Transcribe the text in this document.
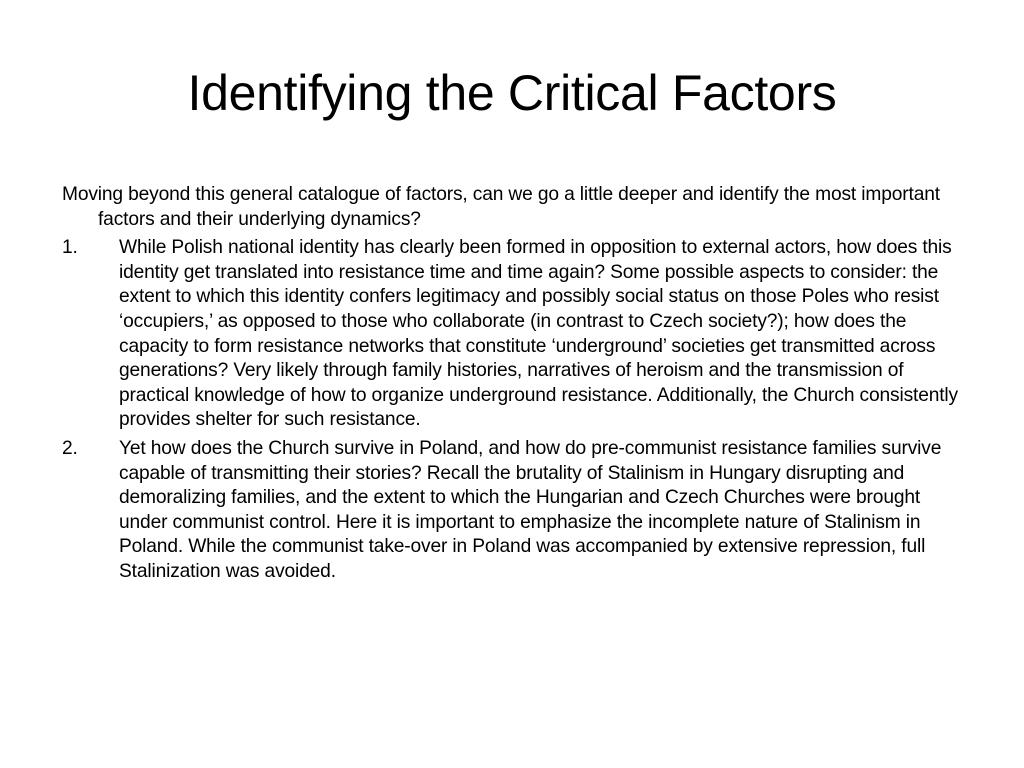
Identifying the Critical Factors

Moving beyond this general catalogue of factors, can we go a little deeper and identify the most important factors and their underlying dynamics?

1.	While Polish national identity has clearly been formed in opposition to external actors, how does this identity get translated into resistance time and time again? Some possible aspects to consider: the extent to which this identity confers legitimacy and possibly social status on those Poles who resist ‘occupiers,’ as opposed to those who collaborate (in contrast to Czech society?); how does the capacity to form resistance networks that constitute ‘underground’ societies get transmitted across generations? Very likely through family histories, narratives of heroism and the transmission of practical knowledge of how to organize underground resistance. Additionally, the Church consistently provides shelter for such resistance.
2.	Yet how does the Church survive in Poland, and how do pre-communist resistance families survive capable of transmitting their stories? Recall the brutality of Stalinism in Hungary disrupting and demoralizing families, and the extent to which the Hungarian and Czech Churches were brought under communist control. Here it is important to emphasize the incomplete nature of Stalinism in Poland. While the communist take-over in Poland was accompanied by extensive repression, full Stalinization was avoided.
